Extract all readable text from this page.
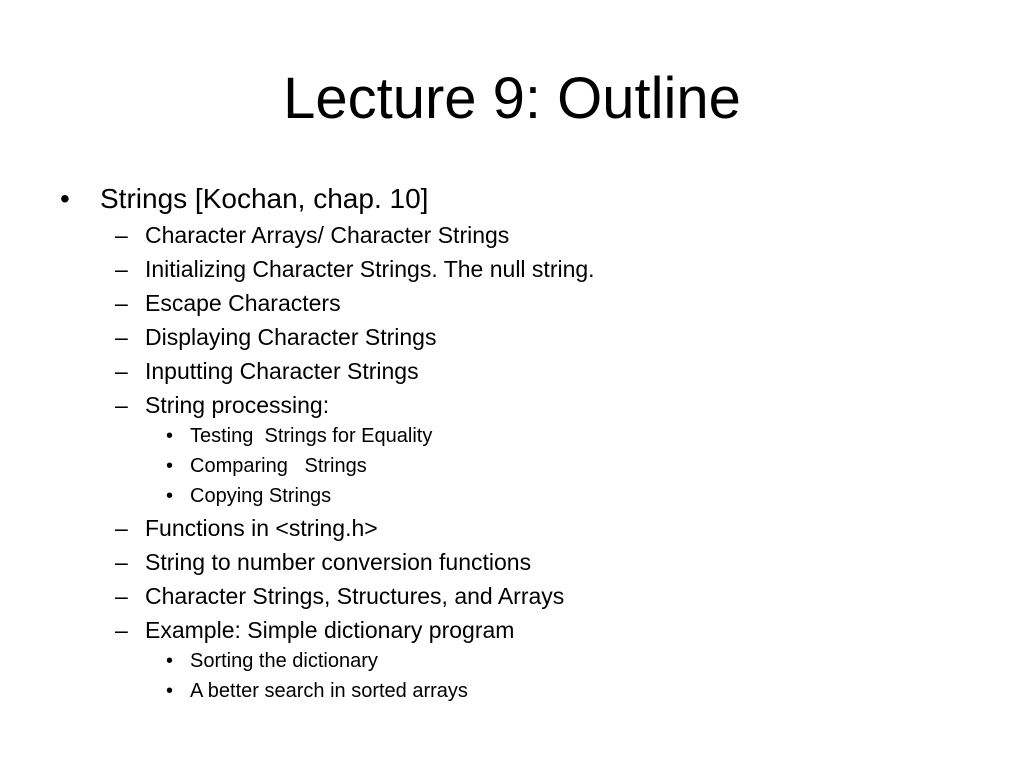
Lecture 9: Outline

•

Strings [Kochan, chap. 10]

–

Character Arrays/ Character Strings

–

Initializing Character Strings. The null string.

–

Escape Characters

–

Displaying Character Strings

–

Inputting Character Strings

–

String processing:

•

Testing  Strings for Equality

•

Comparing   Strings

•

Copying Strings

–

Functions in <string.h>

–

String to number conversion functions

–

Character Strings, Structures, and Arrays

–

Example: Simple dictionary program

•

Sorting the dictionary

•

A better search in sorted arrays
